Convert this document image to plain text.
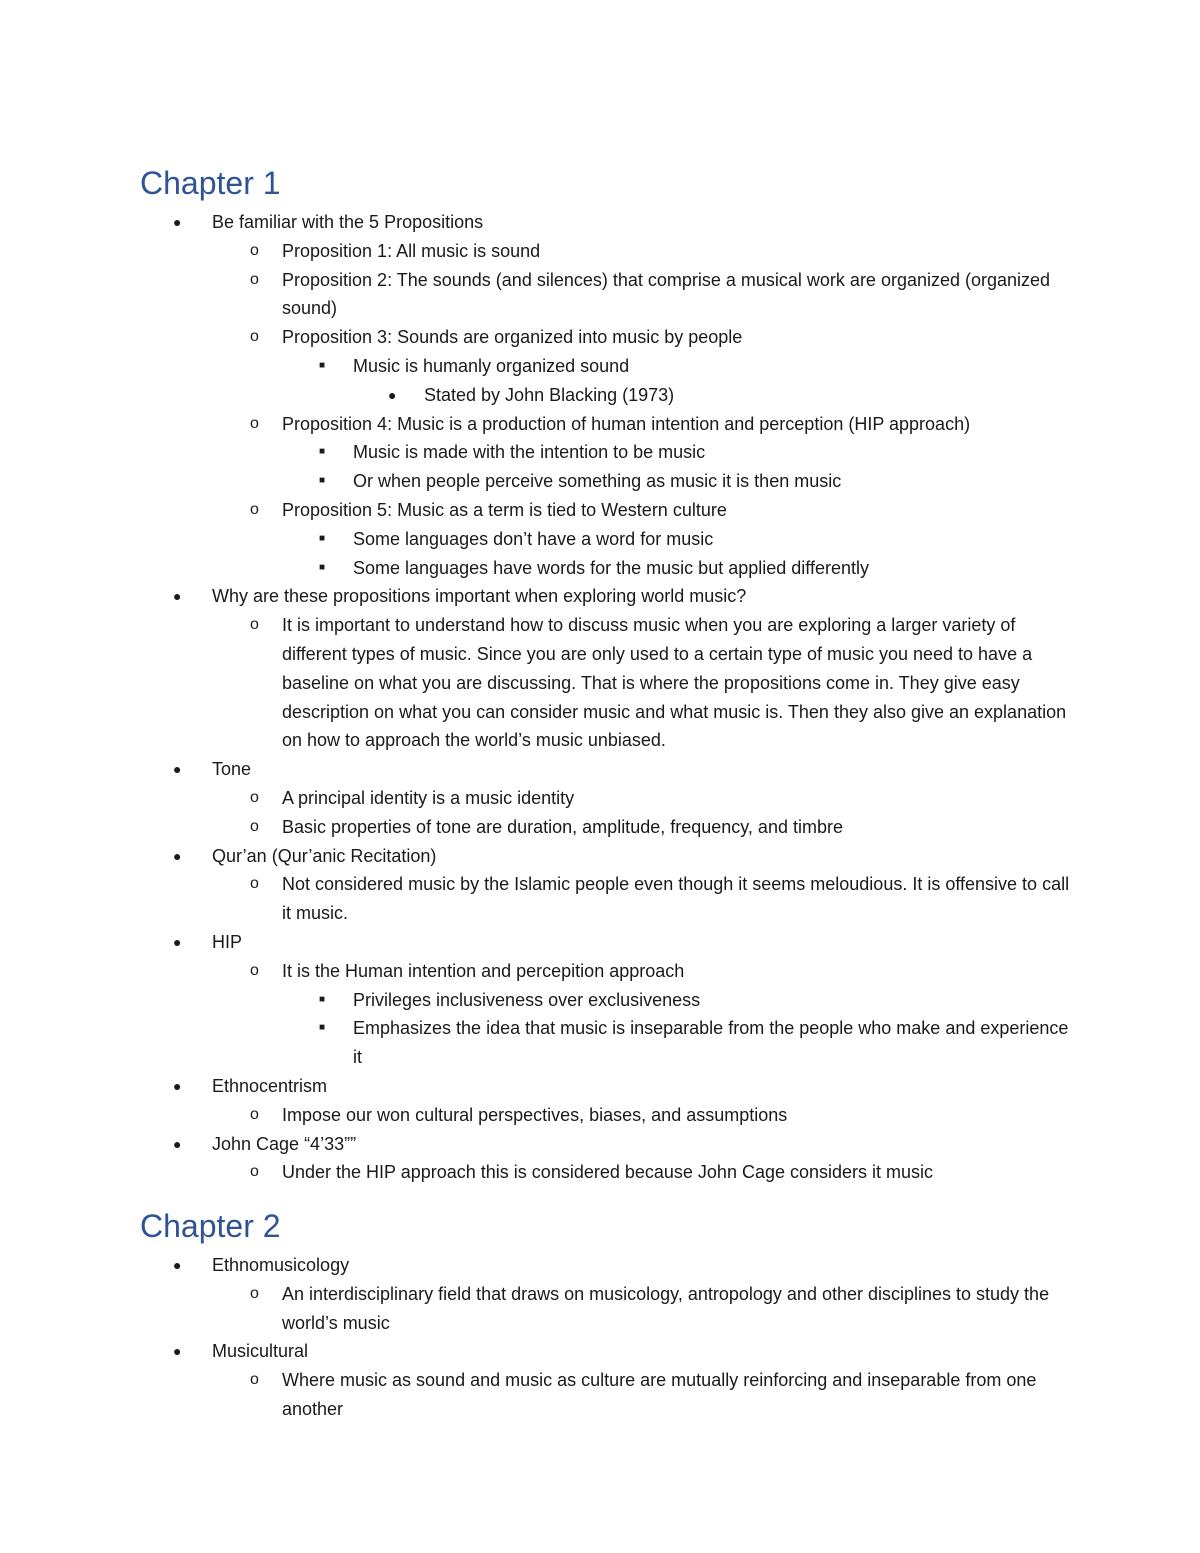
Chapter 1
● Be familiar with the 5 Propositions
o Proposition 1: All music is sound
o Proposition 2: The sounds (and silences) that comprise a musical work are organized (organized sound)
o Proposition 3: Sounds are organized into music by people
■ Music is humanly organized sound
● Stated by John Blacking (1973)
o Proposition 4: Music is a production of human intention and perception (HIP approach)
■ Music is made with the intention to be music
■ Or when people perceive something as music it is then music
o Proposition 5: Music as a term is tied to Western culture
■ Some languages don’t have a word for music
■ Some languages have words for the music but applied differently
● Why are these propositions important when exploring world music?
o It is important to understand how to discuss music when you are exploring a larger variety of different types of music. Since you are only used to a certain type of music you need to have a baseline on what you are discussing. That is where the propositions come in. They give easy description on what you can consider music and what music is. Then they also give an explanation on how to approach the world’s music unbiased.
● Tone
o A principal identity is a music identity
o Basic properties of tone are duration, amplitude, frequency, and timbre
● Qur’an (Qur’anic Recitation)
o Not considered music by the Islamic people even though it seems meloudious. It is offensive to call it music.
● HIP
o It is the Human intention and percepition approach
■ Privileges inclusiveness over exclusiveness
■ Emphasizes the idea that music is inseparable from the people who make and experience it
● Ethnocentrism
o Impose our won cultural perspectives, biases, and assumptions
● John Cage “4’33””
o Under the HIP approach this is considered because John Cage considers it music
Chapter 2
● Ethnomusicology
o An interdisciplinary field that draws on musicology, antropology and other disciplines to study the world’s music
● Musicultural
o Where music as sound and music as culture are mutually reinforcing and inseparable from one another
